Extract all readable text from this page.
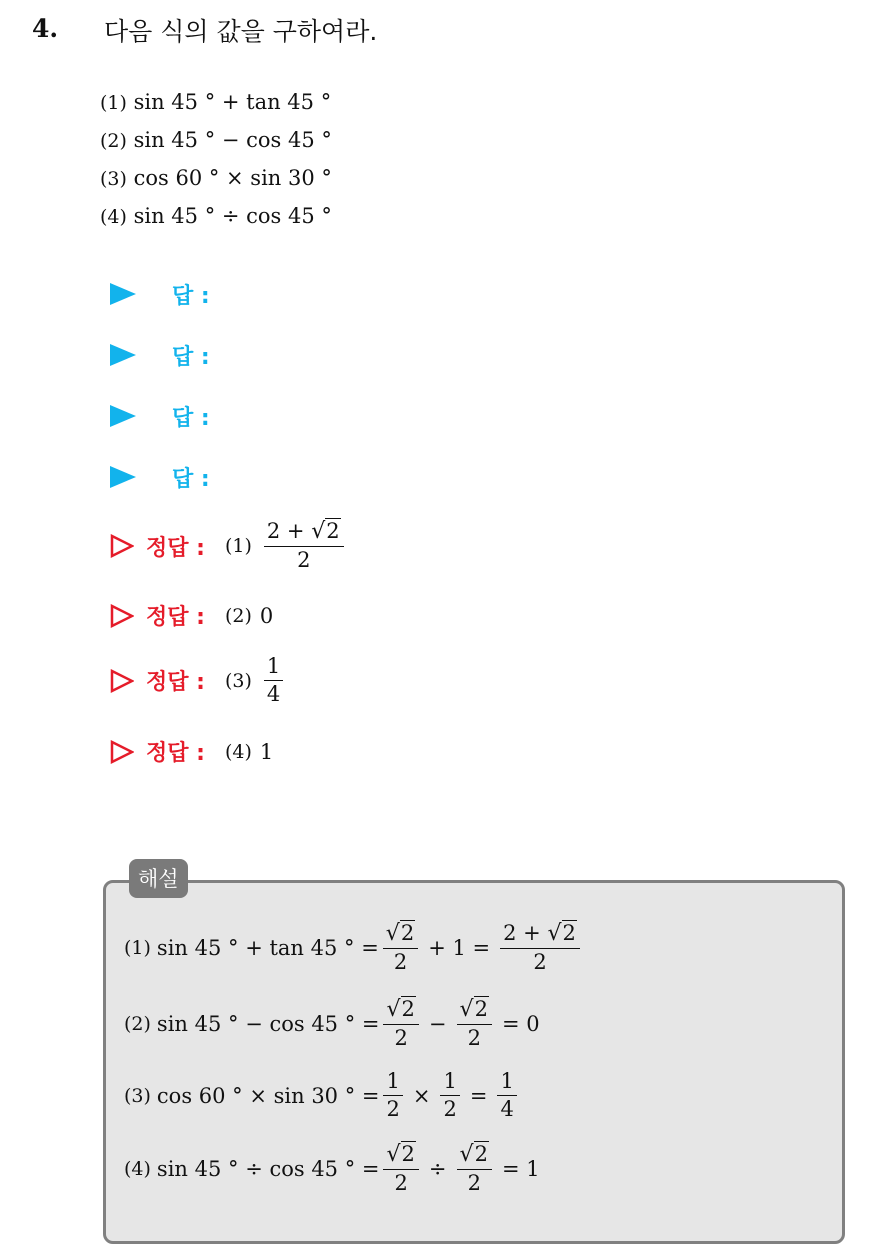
4. 다음 식의 값을 구하여라.
(1) sin 45 ° + tan 45 °
(2) sin 45 ° − cos 45 °
(3) cos 60 ° × sin 30 °
(4) sin 45 ° ÷ cos 45 °
답 :
답 :
답 :
답 :
정답 : $(1) \frac{2 + √2}{2}$
정답 : (2) 0
정답 : $(3) \frac{1}{4}$
정답 : (4) 1
해설
(1) sin 45 ° + tan 45 ° = $\frac{√2}{2} + 1 = \frac{2 + √2}{2}$
(2) sin 45 ° − cos 45 ° = $\frac{√2}{2} - \frac{√2}{2} = 0$
(3) cos 60 ° × sin 30 ° = $\frac{1}{2} \times \frac{1}{2} = \frac{1}{4}$
(4) sin 45 ° ÷ cos 45 ° = $\frac{√2}{2} \div \frac{√2}{2} = 1$
